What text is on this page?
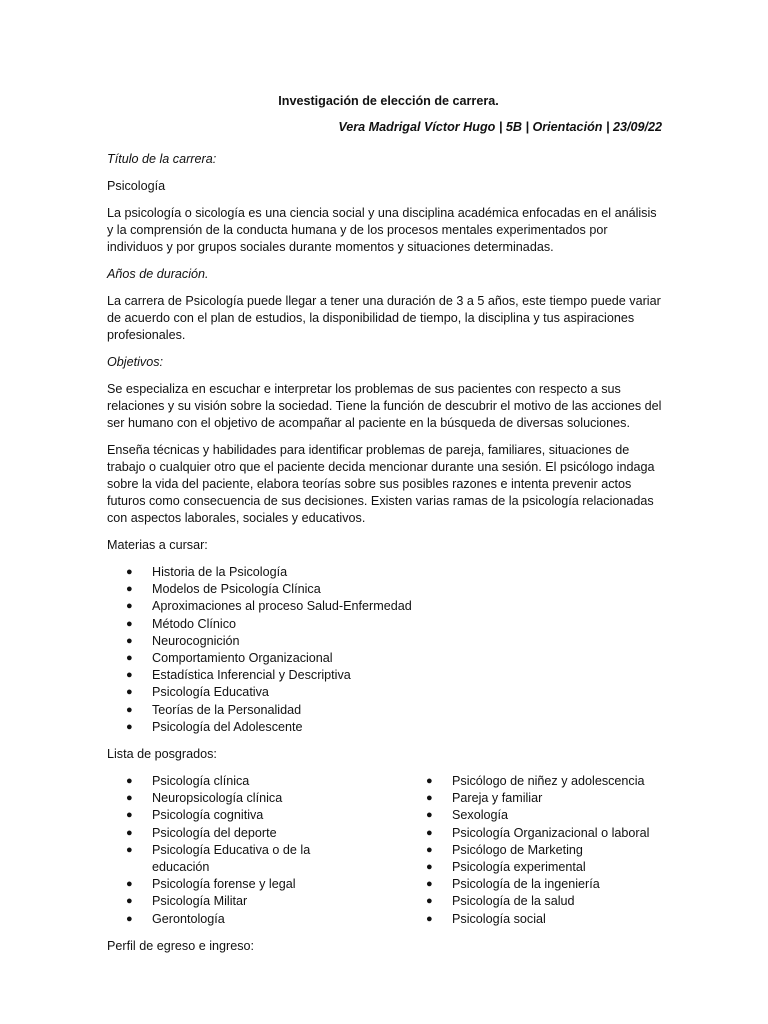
Investigación de elección de carrera.

Vera Madrigal Víctor Hugo | 5B | Orientación | 23/09/22

Título de la carrera:

Psicología

La psicología o sicología es una ciencia social y una disciplina académica enfocadas en el análisis y la comprensión de la conducta humana y de los procesos mentales experimentados por individuos y por grupos sociales durante momentos y situaciones determinadas.

Años de duración.

La carrera de Psicología puede llegar a tener una duración de 3 a 5 años, este tiempo puede variar de acuerdo con el plan de estudios, la disponibilidad de tiempo, la disciplina y tus aspiraciones profesionales.

Objetivos:

Se especializa en escuchar e interpretar los problemas de sus pacientes con respecto a sus relaciones y su visión sobre la sociedad. Tiene la función de descubrir el motivo de las acciones del ser humano con el objetivo de acompañar al paciente en la búsqueda de diversas soluciones.

Enseña técnicas y habilidades para identificar problemas de pareja, familiares, situaciones de trabajo o cualquier otro que el paciente decida mencionar durante una sesión. El psicólogo indaga sobre la vida del paciente, elabora teorías sobre sus posibles razones e intenta prevenir actos futuros como consecuencia de sus decisiones. Existen varias ramas de la psicología relacionadas con aspectos laborales, sociales y educativos.

Materias a cursar:

● Historia de la Psicología
● Modelos de Psicología Clínica
● Aproximaciones al proceso Salud-Enfermedad
● Método Clínico
● Neurocognición
● Comportamiento Organizacional
● Estadística Inferencial y Descriptiva
● Psicología Educativa
● Teorías de la Personalidad
● Psicología del Adolescente

Lista de posgrados:

● Psicología clínica
● Neuropsicología clínica
● Psicología cognitiva
● Psicología del deporte
● Psicología Educativa o de la educación
● Psicología forense y legal
● Psicología Militar
● Gerontología
● Psicólogo de niñez y adolescencia
● Pareja y familiar
● Sexología
● Psicología Organizacional o laboral
● Psicólogo de Marketing
● Psicología experimental
● Psicología de la ingeniería
● Psicología de la salud
● Psicología social

Perfil de egreso e ingreso:
